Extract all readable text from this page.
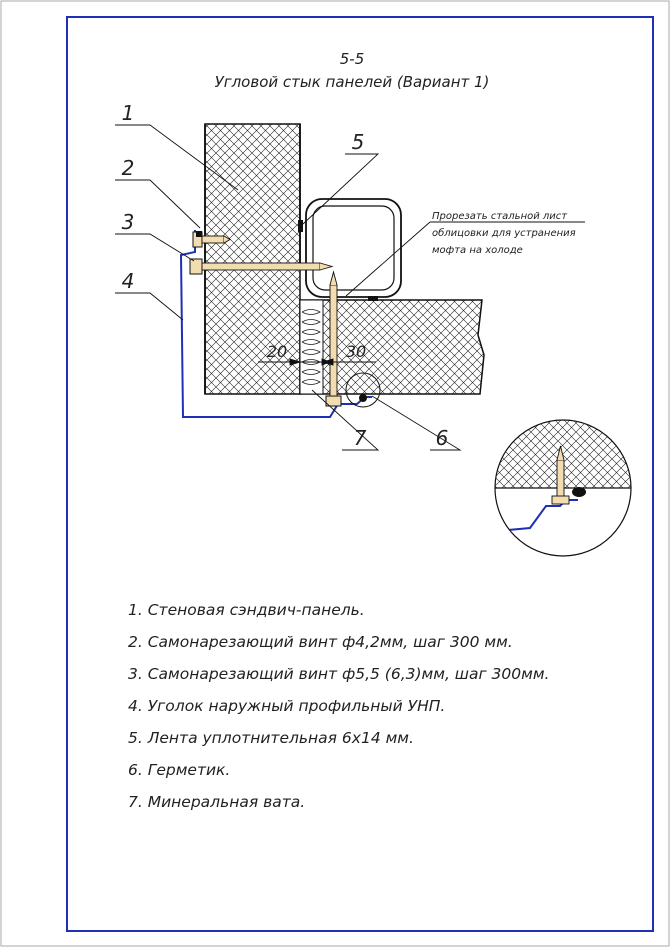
5-5
Угловой стык панелей (Вариант 1)
20	30
1
2
3
4
5
6
7
Прорезать стальной лист
облицовки для устранения
мофта на холоде
1. Стеновая сэндвич-панель.
2. Самонарезающий винт ф4,2мм, шаг 300 мм.
3. Самонарезающий винт ф5,5 (6,3)мм, шаг 300мм.
4. Уголок наружный профильный УНП.
5. Лента уплотнительная 6х14 мм.
6. Герметик.
7. Минеральная вата.
